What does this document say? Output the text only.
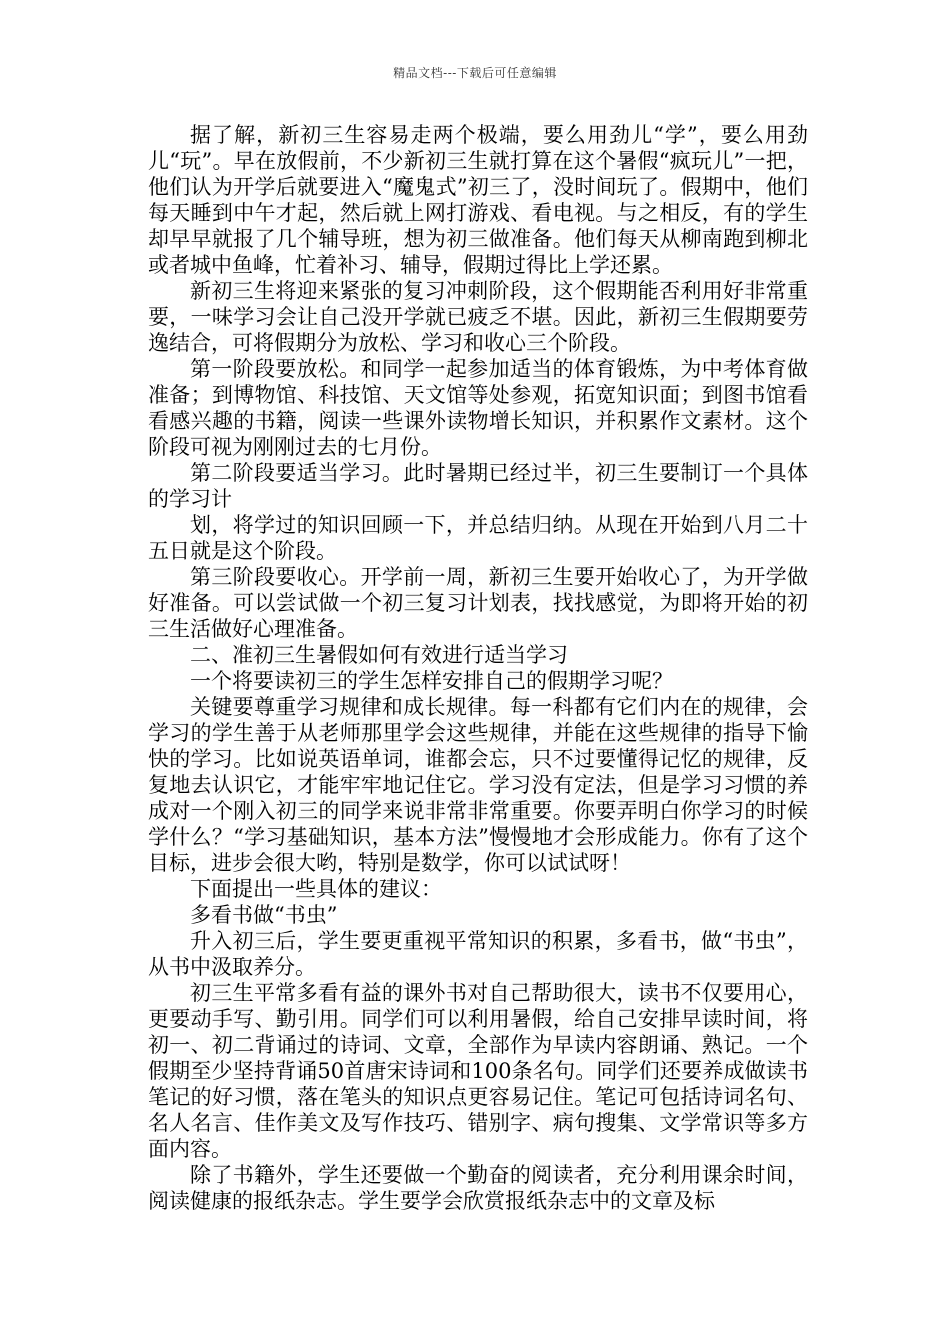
精品文档---下载后可任意编辑

据了解，新初三生容易走两个极端，要么用劲儿“学”，要么用劲儿“玩”。早在放假前，不少新初三生就打算在这个暑假“疯玩儿”一把，他们认为开学后就要进入“魔鬼式”初三了，没时间玩了。假期中，他们每天睡到中午才起，然后就上网打游戏、看电视。与之相反，有的学生却早早就报了几个辅导班，想为初三做准备。他们每天从柳南跑到柳北或者城中鱼峰，忙着补习、辅导，假期过得比上学还累。

新初三生将迎来紧张的复习冲刺阶段，这个假期能否利用好非常重要，一味学习会让自己没开学就已疲乏不堪。因此，新初三生假期要劳逸结合，可将假期分为放松、学习和收心三个阶段。

第一阶段要放松。和同学一起参加适当的体育锻炼，为中考体育做准备；到博物馆、科技馆、天文馆等处参观，拓宽知识面；到图书馆看看感兴趣的书籍，阅读一些课外读物增长知识，并积累作文素材。这个阶段可视为刚刚过去的七月份。

第二阶段要适当学习。此时暑期已经过半，初三生要制订一个具体的学习计

划，将学过的知识回顾一下，并总结归纳。从现在开始到八月二十五日就是这个阶段。

第三阶段要收心。开学前一周，新初三生要开始收心了，为开学做好准备。可以尝试做一个初三复习计划表，找找感觉，为即将开始的初三生活做好心理准备。

二、准初三生暑假如何有效进行适当学习

一个将要读初三的学生怎样安排自己的假期学习呢？

关键要尊重学习规律和成长规律。每一科都有它们内在的规律，会学习的学生善于从老师那里学会这些规律，并能在这些规律的指导下愉快的学习。比如说英语单词，谁都会忘，只不过要懂得记忆的规律，反复地去认识它，才能牢牢地记住它。学习没有定法，但是学习习惯的养成对一个刚入初三的同学来说非常非常重要。你要弄明白你学习的时候学什么？“学习基础知识，基本方法”慢慢地才会形成能力。你有了这个目标，进步会很大哟，特别是数学，你可以试试呀！

下面提出一些具体的建议：

多看书做“书虫”

升入初三后，学生要更重视平常知识的积累，多看书，做“书虫”，从书中汲取养分。

初三生平常多看有益的课外书对自己帮助很大，读书不仅要用心，更要动手写、勤引用。同学们可以利用暑假，给自己安排早读时间，将初一、初二背诵过的诗词、文章，全部作为早读内容朗诵、熟记。一个假期至少坚持背诵50首唐宋诗词和100条名句。同学们还要养成做读书笔记的好习惯，落在笔头的知识点更容易记住。笔记可包括诗词名句、名人名言、佳作美文及写作技巧、错别字、病句搜集、文学常识等多方面内容。

除了书籍外，学生还要做一个勤奋的阅读者，充分利用课余时间，阅读健康的报纸杂志。学生要学会欣赏报纸杂志中的文章及标
